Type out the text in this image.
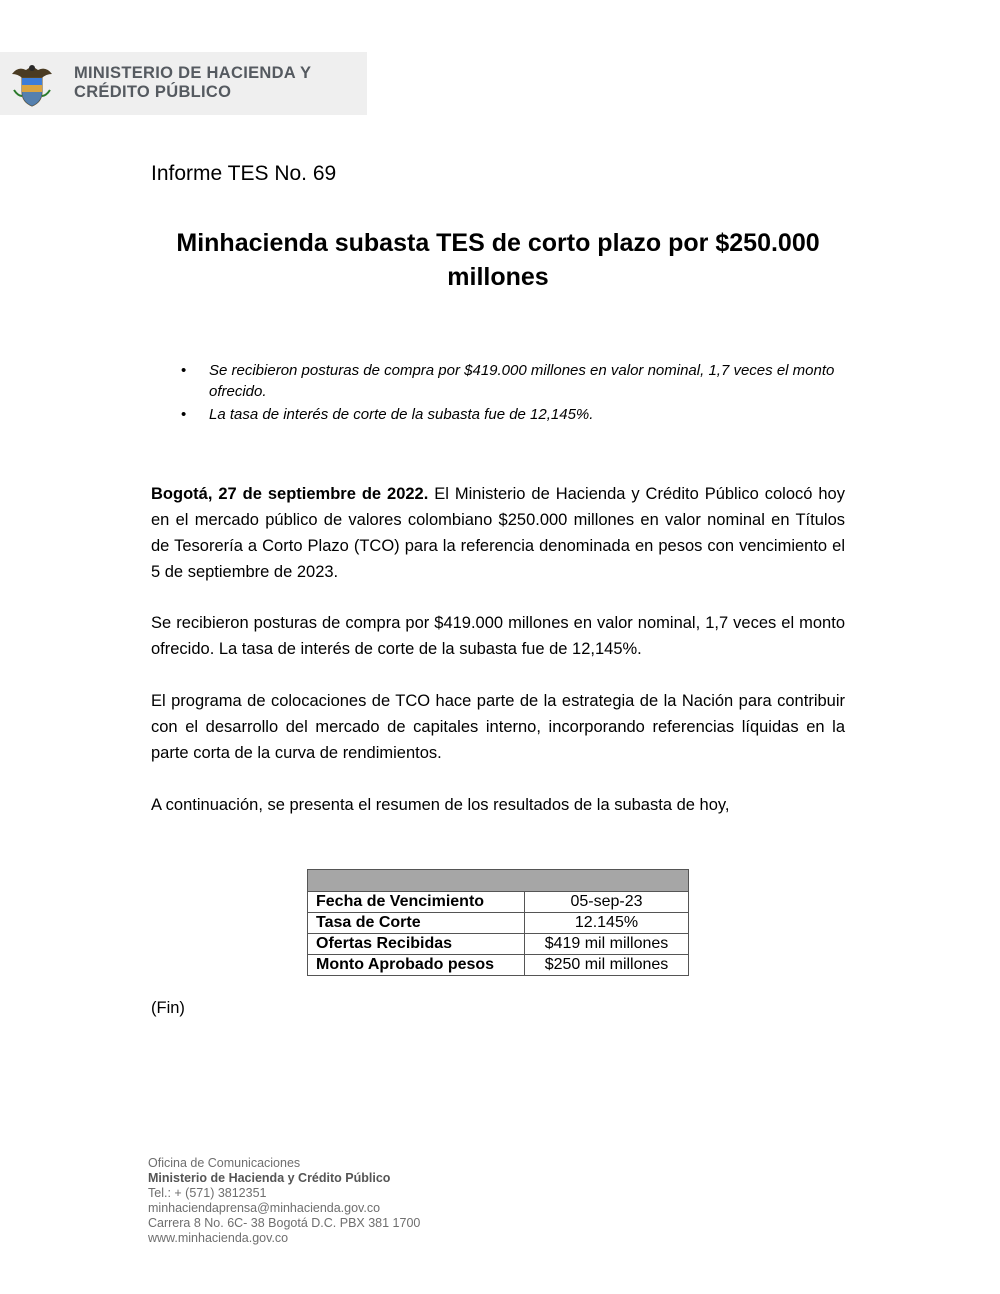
MINISTERIO DE HACIENDA Y
CRÉDITO PÚBLICO
Informe TES No. 69
Minhacienda subasta TES de corto plazo por $250.000 millones
• Se recibieron posturas de compra por $419.000 millones en valor nominal, 1,7 veces el monto ofrecido.
• La tasa de interés de corte de la subasta fue de 12,145%.

Bogotá, 27 de septiembre de 2022. El Ministerio de Hacienda y Crédito Público colocó hoy en el mercado público de valores colombiano $250.000 millones en valor nominal en Títulos de Tesorería a Corto Plazo (TCO) para la referencia denominada en pesos con vencimiento el 5 de septiembre de 2023.

Se recibieron posturas de compra por $419.000 millones en valor nominal, 1,7 veces el monto ofrecido. La tasa de interés de corte de la subasta fue de 12,145%.

El programa de colocaciones de TCO hace parte de la estrategia de la Nación para contribuir con el desarrollo del mercado de capitales interno, incorporando referencias líquidas en la parte corta de la curva de rendimientos.

A continuación, se presenta el resumen de los resultados de la subasta de hoy,

Fecha de Vencimiento	05-sep-23
Tasa de Corte	12.145%
Ofertas Recibidas	$419 mil millones
Monto Aprobado pesos	$250 mil millones
(Fin)
Oficina de Comunicaciones
Ministerio de Hacienda y Crédito Público
Tel.: + (571) 3812351
minhaciendaprensa@minhacienda.gov.co
Carrera 8 No. 6C- 38 Bogotá D.C. PBX 381 1700
www.minhacienda.gov.co
